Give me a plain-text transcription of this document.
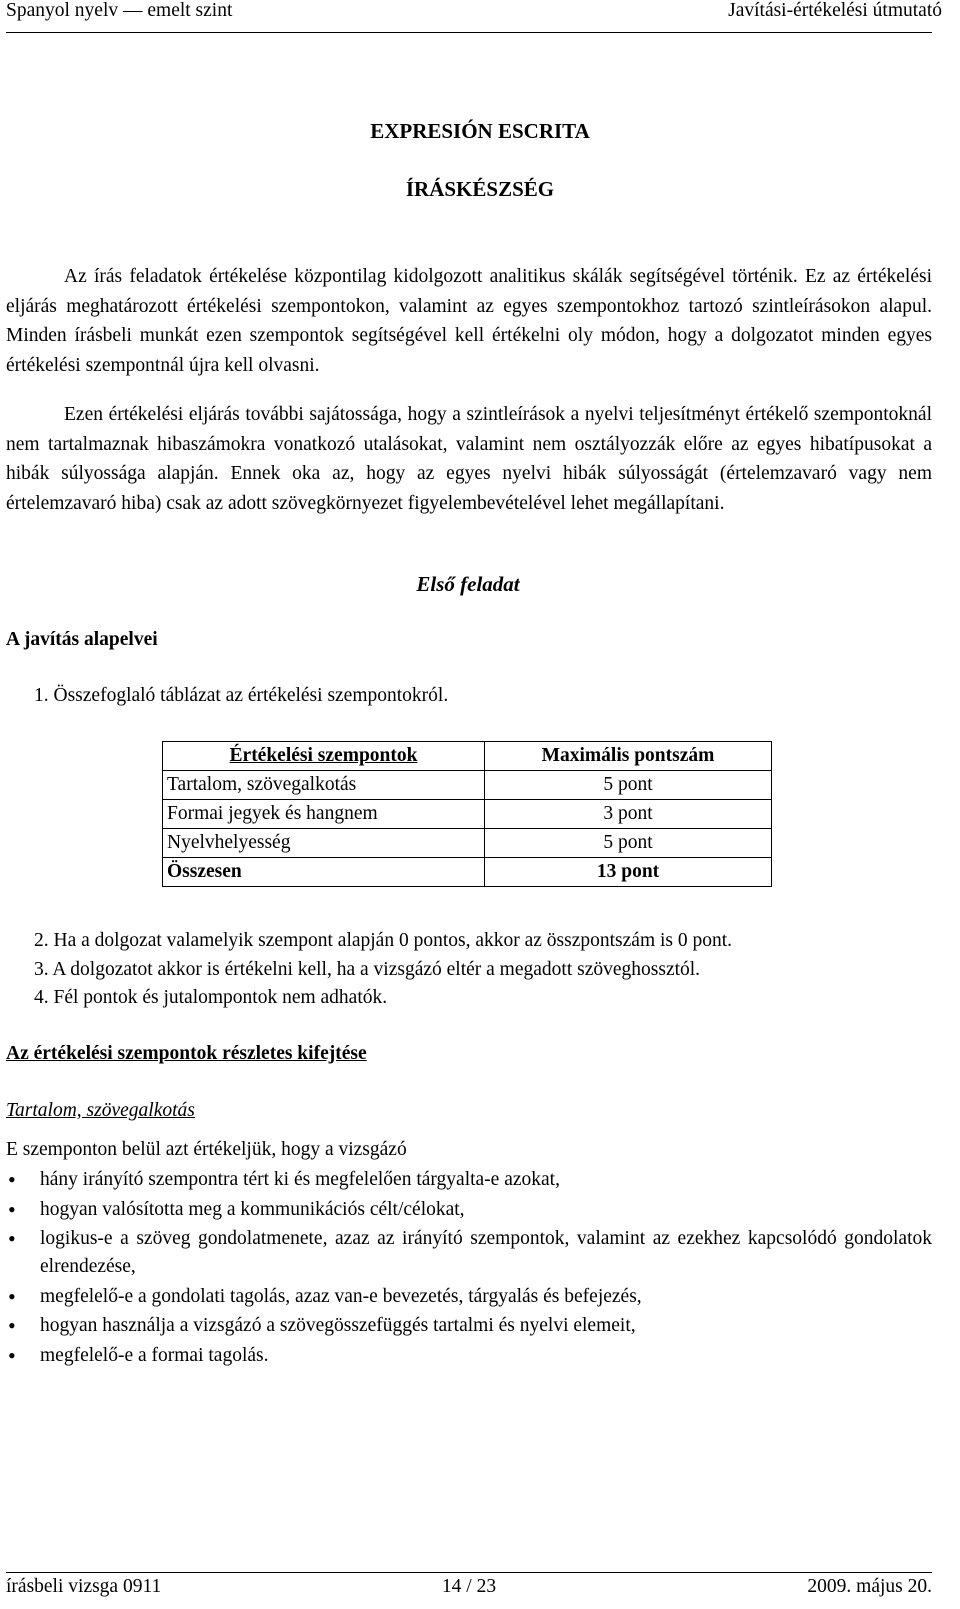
Spanyol nyelv — emelt szint	Javítási-értékelési útmutató
EXPRESIÓN ESCRITA
ÍRÁSKÉSZSÉG

Az írás feladatok értékelése központilag kidolgozott analitikus skálák segítségével történik. Ez az értékelési eljárás meghatározott értékelési szempontokon, valamint az egyes szempontokhoz tartozó szintleírásokon alapul. Minden írásbeli munkát ezen szempontok segítségével kell értékelni oly módon, hogy a dolgozatot minden egyes értékelési szempontnál újra kell olvasni.

Ezen értékelési eljárás további sajátossága, hogy a szintleírások a nyelvi teljesítményt értékelő szempontoknál nem tartalmaznak hibaszámokra vonatkozó utalásokat, valamint nem osztályozzák előre az egyes hibatípusokat a hibák súlyossága alapján. Ennek oka az, hogy az egyes nyelvi hibák súlyosságát (értelemzavaró vagy nem értelemzavaró hiba) csak az adott szövegkörnyezet figyelembevételével lehet megállapítani.

Első feladat
A javítás alapelvei
1. Összefoglaló táblázat az értékelési szempontokról.
Értékelési szempontok	Maximális pontszám
Tartalom, szövegalkotás	5 pont
Formai jegyek és hangnem	3 pont
Nyelvhelyesség	5 pont
Összesen	13 pont
2. Ha a dolgozat valamelyik szempont alapján 0 pontos, akkor az összpontszám is 0 pont.
3. A dolgozatot akkor is értékelni kell, ha a vizsgázó eltér a megadott szöveghossztól.
4. Fél pontok és jutalompontok nem adhatók.
Az értékelési szempontok részletes kifejtése
Tartalom, szövegalkotás
E szemponton belül azt értékeljük, hogy a vizsgázó
• hány irányító szempontra tért ki és megfelelően tárgyalta-e azokat,
• hogyan valósította meg a kommunikációs célt/célokat,
• logikus-e a szöveg gondolatmenete, azaz az irányító szempontok, valamint az ezekhez kapcsolódó gondolatok elrendezése,
• megfelelő-e a gondolati tagolás, azaz van-e bevezetés, tárgyalás és befejezés,
• hogyan használja a vizsgázó a szövegösszefüggés tartalmi és nyelvi elemeit,
• megfelelő-e a formai tagolás.
írásbeli vizsga 0911	14 / 23	2009. május 20.
